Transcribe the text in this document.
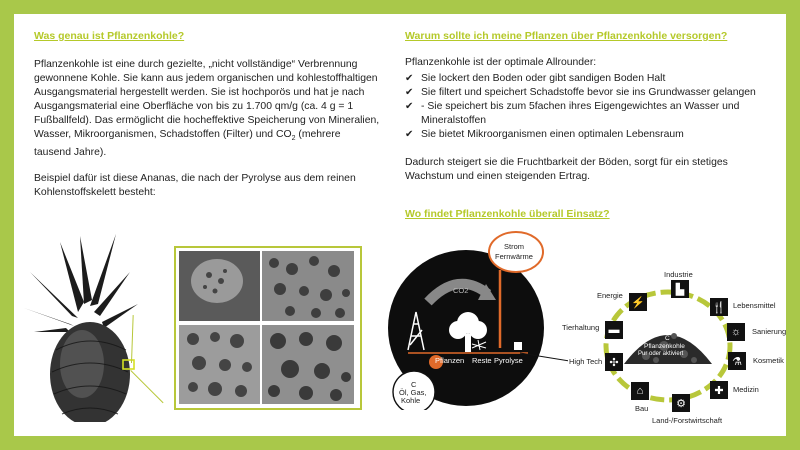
Was genau ist Pflanzenkohle?
Pflanzenkohle ist eine durch gezielte, „nicht vollständige“ Verbrennung gewonnene Kohle. Sie kann aus jedem organischen und kohlestoffhaltigen Ausgangsmaterial hergestellt werden. Sie ist hochporös und hat je nach Ausgangsmaterial eine Oberfläche von bis zu 1.700 qm/g (ca. 4 g = 1 Fußballfeld). Das ermöglicht die hocheffektive Speicherung von Mineralien, Wasser, Mikroorganismen, Schadstoffen (Filter) und $CO_2$ (mehrere tausend Jahre).
Beispiel dafür ist diese Ananas, die nach der Pyrolyse aus dem reinen Kohlenstoffskelett besteht:
Warum sollte ich meine Pflanzen über Pflanzenkohle versorgen?
Pflanzenkohle ist der optimale Allrounder:
✔ Sie lockert den Boden oder gibt sandigen Boden Halt
✔ Sie filtert und speichert Schadstoffe bevor sie ins Grundwasser gelangen
✔ - Sie speichert bis zum 5fachen ihres Eigengewichtes an Wasser und Mineralstoffen
✔ Sie bietet Mikroorganismen einen optimalen Lebensraum
Dadurch steigert sie die Fruchtbarkeit der Böden, sorgt für ein stetiges Wachstum und einen steigenden Ertrag.
Wo findet Pflanzenkohle überall Einsatz?
Strom
Fernwärme
CO2
Pflanzen Reste Pyrolyse
C
Öl, Gas,
Kohle
C
Pflanzenkohle
Pur oder aktiviert
▙
Industrie
🍴 Lebensmittel
☼	Sanierung
⚗	Kosmetik
✚	Medizin
⚙
Land-/Forstwirtschaft
⌂
Bau
✣
High Tech
▬
Tierhaltung
⚡
Energie
